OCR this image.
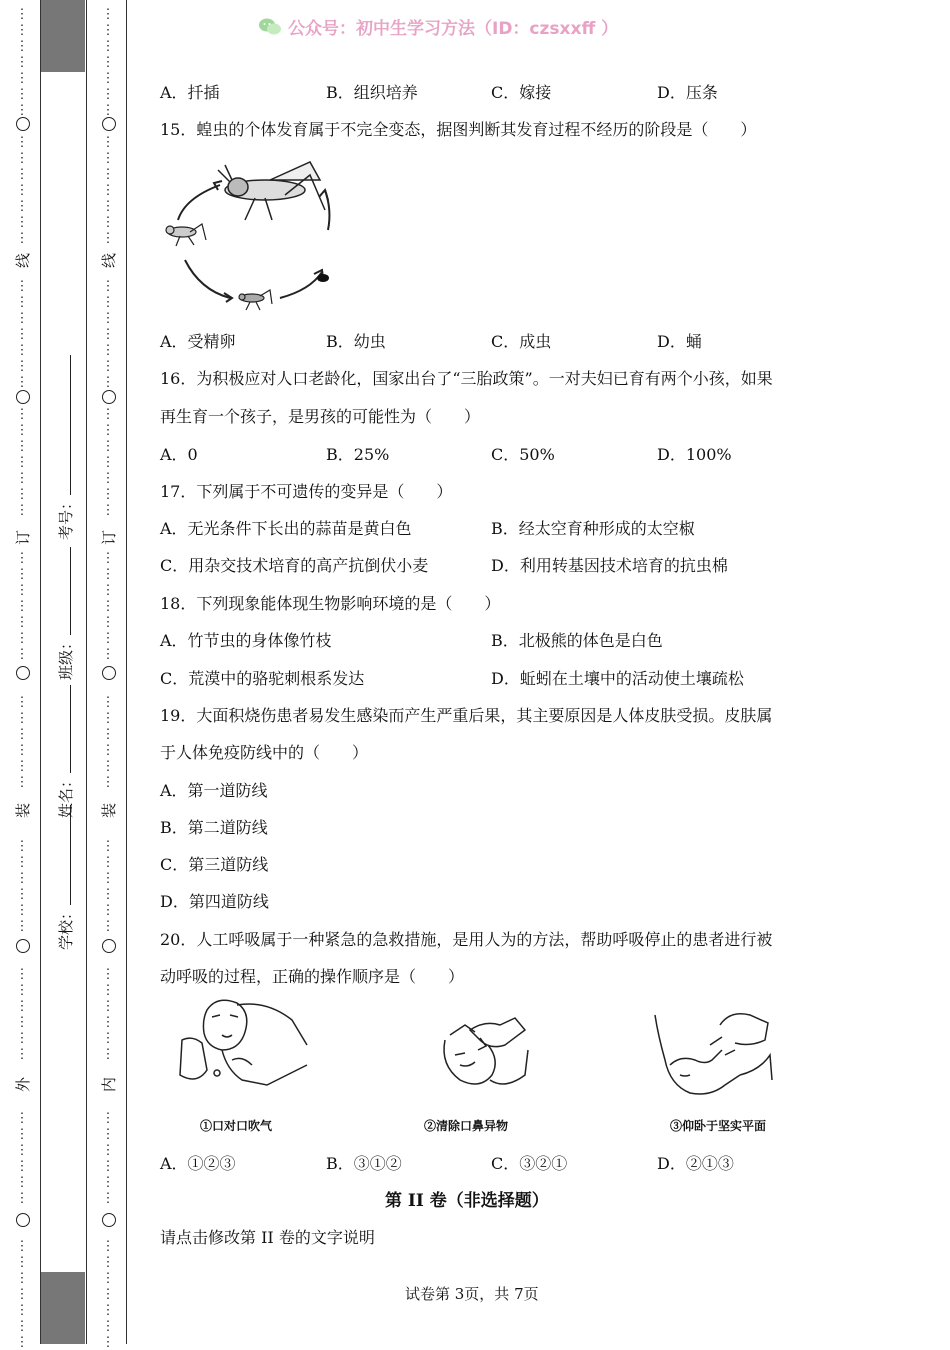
⋮
⋮
⋮
⋮
⋮
⋮
⋮
⋮
⋮
⋮
⋮
⋮
⋮
⋮
⋮
⋮
⋮
⋮
⋮
⋮
⋮
⋮
⋮
⋮
⋮
⋮
⋮
⋮
⋮
⋮
⋮
⋮
⋮
⋮
⋮
⋮
⋮
⋮
⋮
⋮
⋮
⋮
⋮
⋮
⋮
⋮
⋮
⋮
⋮
⋮
⋮
⋮
⋮
⋮
⋮
⋮
⋮
⋮
⋮
⋮
⋮
⋮
⋮
⋮
⋮
⋮
⋮
⋮
⋮
⋮
⋮
⋮
⋮
⋮
⋮
⋮
⋮
⋮
⋮
⋮
⋮
⋮
⋮
⋮
⋮
⋮
⋮
⋮
⋮
⋮
⋮
⋮
⋮
⋮
⋮
⋮
⋮
⋮
⋮
⋮
⋮
⋮
⋮
⋮
⋮
⋮
⋮
⋮
⋮
⋮
⋮
⋮
⋮
⋮
⋮
⋮
⋮
⋮
⋮
⋮
⋮
⋮
⋮
⋮
⋮
⋮
⋮
⋮
⋮
⋮
⋮
⋮
线
订
装
外
线
订
装
内
学校：
姓名：
班级：
考号：
公众号：初中生学习方法（ID：czsxxff ）
A．扦插	B．组织培养	C．嫁接	D．压条
15．蝗虫的个体发育属于不完全变态，据图判断其发育过程不经历的阶段是（　　）
A．受精卵	B．幼虫	C．成虫	D．蛹
16．为积极应对人口老龄化，国家出台了“三胎政策”。一对夫妇已育有两个小孩，如果
再生育一个孩子，是男孩的可能性为（　　）
A．0	B．25%	C．50%	D．100%
17．下列属于不可遗传的变异是（　　）
A．无光条件下长出的蒜苗是黄白色	B．经太空育种形成的太空椒
C．用杂交技术培育的高产抗倒伏小麦	D．利用转基因技术培育的抗虫棉
18．下列现象能体现生物影响环境的是（　　）
A．竹节虫的身体像竹枝	B．北极熊的体色是白色
C．荒漠中的骆驼刺根系发达	D．蚯蚓在土壤中的活动使土壤疏松
19．大面积烧伤患者易发生感染而产生严重后果，其主要原因是人体皮肤受损。皮肤属
于人体免疫防线中的（　　）
A．第一道防线
B．第二道防线
C．第三道防线
D．第四道防线
20．人工呼吸属于一种紧急的急救措施，是用人为的方法，帮助呼吸停止的患者进行被
动呼吸的过程，正确的操作顺序是（　　）
①口对口吹气	②清除口鼻异物	③仰卧于坚实平面
A．①②③	B．③①②	C．③②①	D．②①③
请点击修改第 II 卷的文字说明
第 II 卷（非选择题）
试卷第 3页，共 7页
